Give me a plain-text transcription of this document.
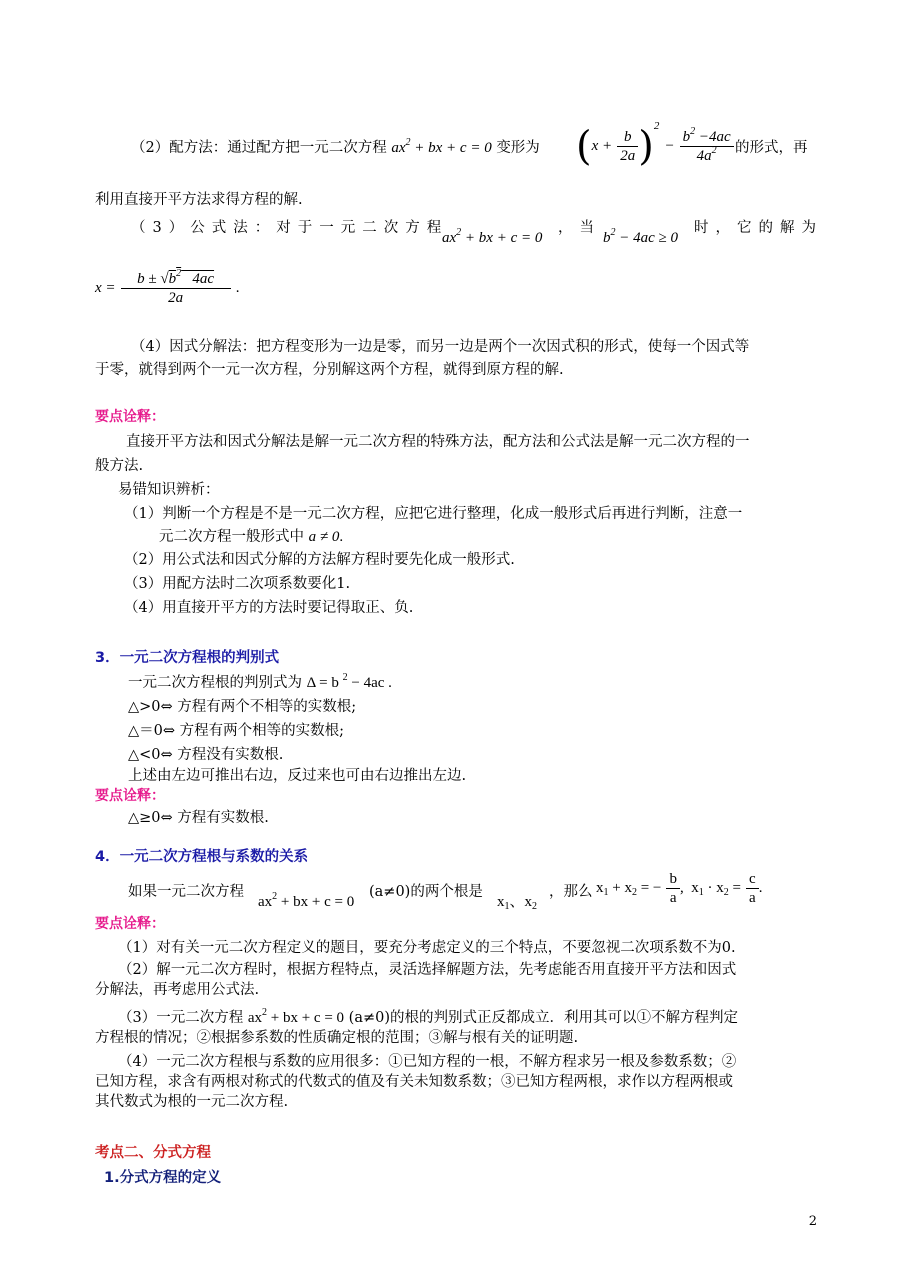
（2）配方法：通过配方把一元二次方程 $ax^2$ + bx + c = 0 变形为 $(x + \frac{b}{2a} )^2 - \frac{b^2 -4ac}{4a^2}$ 的形式，再
利用直接开平方法求得方程的解.
（3）公式法：对于一元二次方程
$ax^2$ + bx + c = 0
，当
$b^2 - 4ac \ge 0$
时，它的解为
$x = \frac{b \pm √b^2 4ac}{2a}$ .
（4）因式分解法：把方程变形为一边是零，而另一边是两个一次因式积的形式，使每一个因式等
于零，就得到两个一元一次方程，分别解这两个方程，就得到原方程的解.
要点诠释：
直接开平方法和因式分解法是解一元二次方程的特殊方法，配方法和公式法是解一元二次方程的一
般方法.
易错知识辨析：
（1）判断一个方程是不是一元二次方程，应把它进行整理，化成一般形式后再进行判断，注意一
元二次方程一般形式中 a ≠ 0.
（2）用公式法和因式分解的方法解方程时要先化成一般形式.
（3）用配方法时二次项系数要化1.
（4）用直接开平方的方法时要记得取正、负.
3．一元二次方程根的判别式
一元二次方程根的判别式为 Δ = b $^2$ − 4ac .
△>0⇔ 方程有两个不相等的实数根;
△＝0⇔ 方程有两个相等的实数根;
△<0⇔ 方程没有实数根.
上述由左边可推出右边，反过来也可由右边推出左边.
要点诠释：
△≥0⇔ 方程有实数根.
4．一元二次方程根与系数的关系
如果一元二次方程
$ax^2$ + bx + c = 0
(a≠0)的两个根是
$x_1$、$x_2$
，那么 $x_1 + x_2$ = − $\frac{b}{a}$ ,  $x_1 \cdot x_2 = \frac{c}{a}$ .
要点诠释：
（1）对有关一元二次方程定义的题目，要充分考虑定义的三个特点，不要忽视二次项系数不为0.
（2）解一元二次方程时，根据方程特点，灵活选择解题方法，先考虑能否用直接开平方法和因式
分解法，再考虑用公式法.
（3）一元二次方程 $ax^2$ + bx + c = 0 (a≠0)的根的判别式正反都成立．利用其可以①不解方程判定
方程根的情况；②根据参系数的性质确定根的范围；③解与根有关的证明题.
（4）一元二次方程根与系数的应用很多：①已知方程的一根，不解方程求另一根及参数系数；②
已知方程，求含有两根对称式的代数式的值及有关未知数系数；③已知方程两根，求作以方程两根或
其代数式为根的一元二次方程.
考点二、分式方程
1.分式方程的定义
2
